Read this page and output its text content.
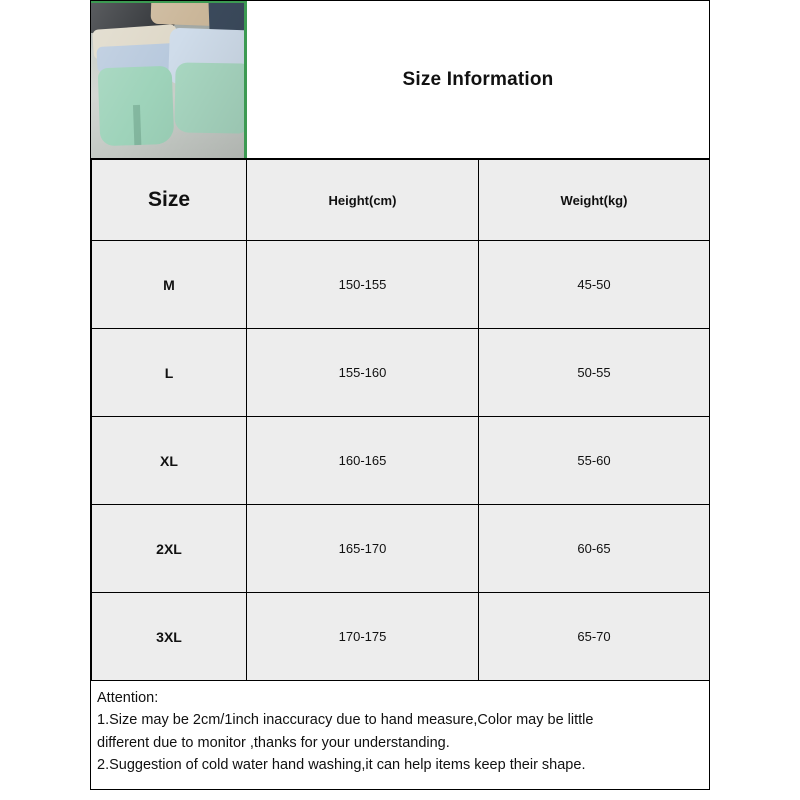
Size Information
Size	Height(cm)	Weight(kg)
M	150-155	45-50
L	155-160	50-55
XL	160-165	55-60
2XL	165-170	60-65
3XL	170-175	65-70
Attention:
1.Size may be 2cm/1inch inaccuracy due to hand measure,Color may be little
different due to monitor ,thanks for your understanding.
2.Suggestion of cold water hand washing,it can help items keep their shape.
